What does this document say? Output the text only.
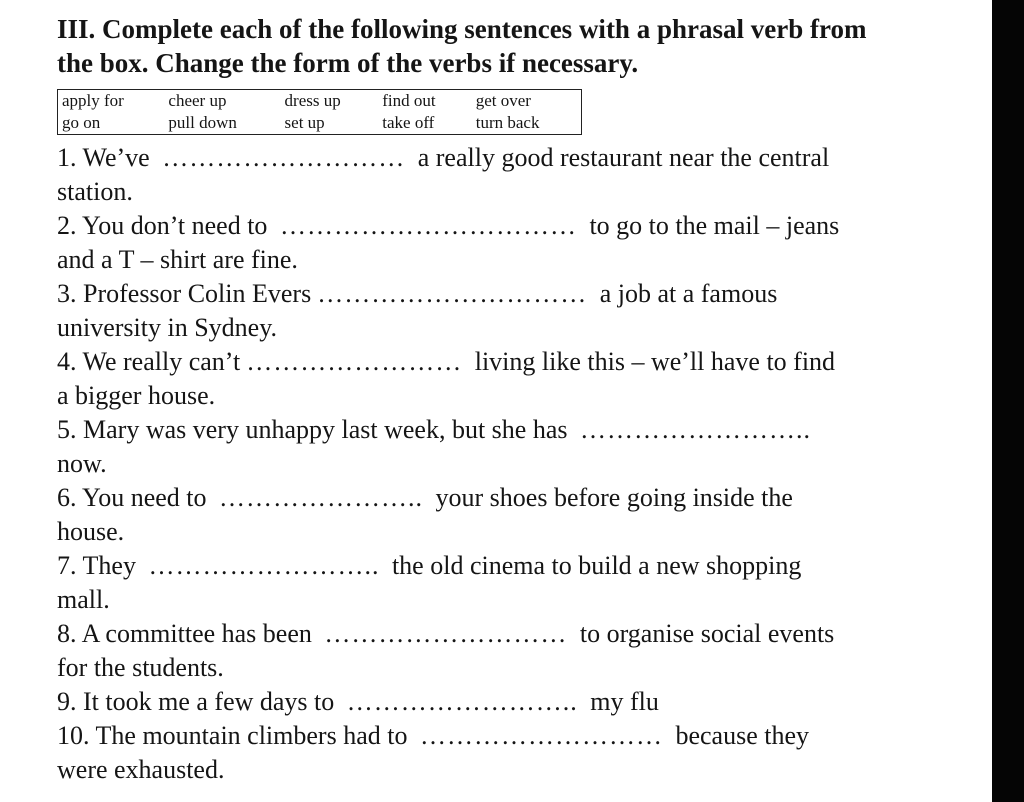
III. Complete each of the following sentences with a phrasal verb from
the box. Change the form of the verbs if necessary.
apply for	cheer up	dress up	find out	get over
go on	pull down	set up	take off	turn back
1. We’ve ……………………… a really good restaurant near the central
station.
2. You don’t need to …………………………… to go to the mail – jeans
and a T – shirt are fine.
3. Professor Colin Evers ………………………… a job at a famous
university in Sydney.
4. We really can’t …………………… living like this – we’ll have to find
a bigger house.
5. Mary was very unhappy last week, but she has ……………………..
now.
6. You need to ………………….. your shoes before going inside the
house.
7. They …………………….. the old cinema to build a new shopping
mall.
8. A committee has been ……………………… to organise social events
for the students.
9. It took me a few days to …………………….. my flu
10. The mountain climbers had to ……………………… because they
were exhausted.
